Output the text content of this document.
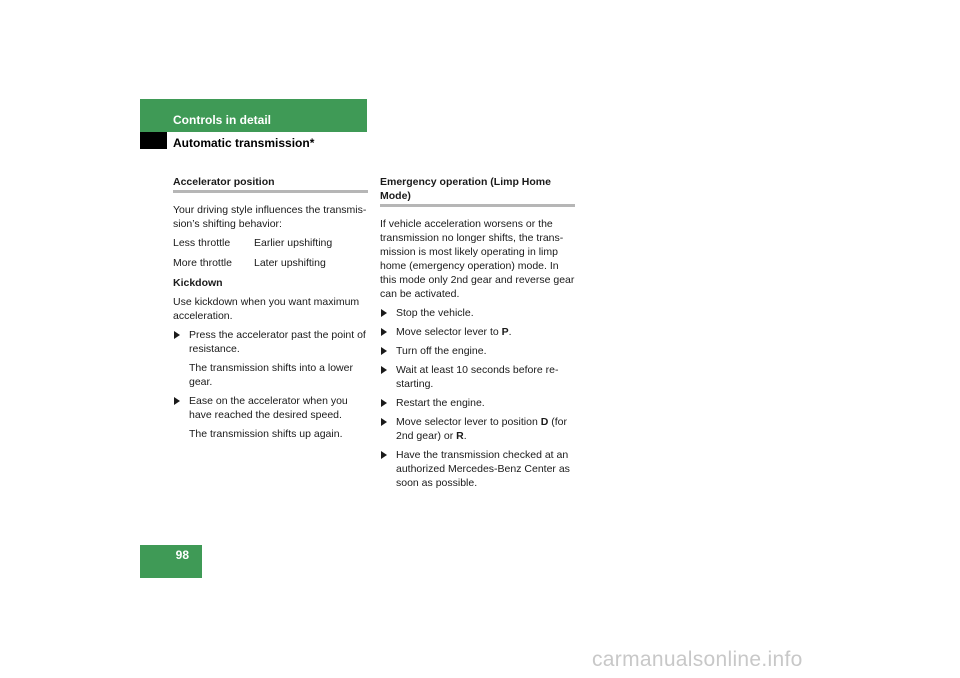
Controls in detail
Automatic transmission*
Accelerator position

Your driving style influences the transmis-sion’s shifting behavior:

Less throttle	Earlier upshifting
More throttle	Later upshifting
Kickdown

Use kickdown when you want maximum acceleration.

Press the accelerator past the point of resistance.
The transmission shifts into a lower gear.
Ease on the accelerator when you have reached the desired speed.
The transmission shifts up again.
Emergency operation (Limp Home Mode)

If vehicle acceleration worsens or the transmission no longer shifts, the trans-mission is most likely operating in limp home (emergency operation) mode. In this mode only 2nd gear and reverse gear can be activated.

Stop the vehicle.
Move selector lever to P.
Turn off the engine.
Wait at least 10 seconds before re-starting.
Restart the engine.
Move selector lever to position D (for 2nd gear) or R.
Have the transmission checked at an authorized Mercedes-Benz Center as soon as possible.
98
carmanualsonline.info
